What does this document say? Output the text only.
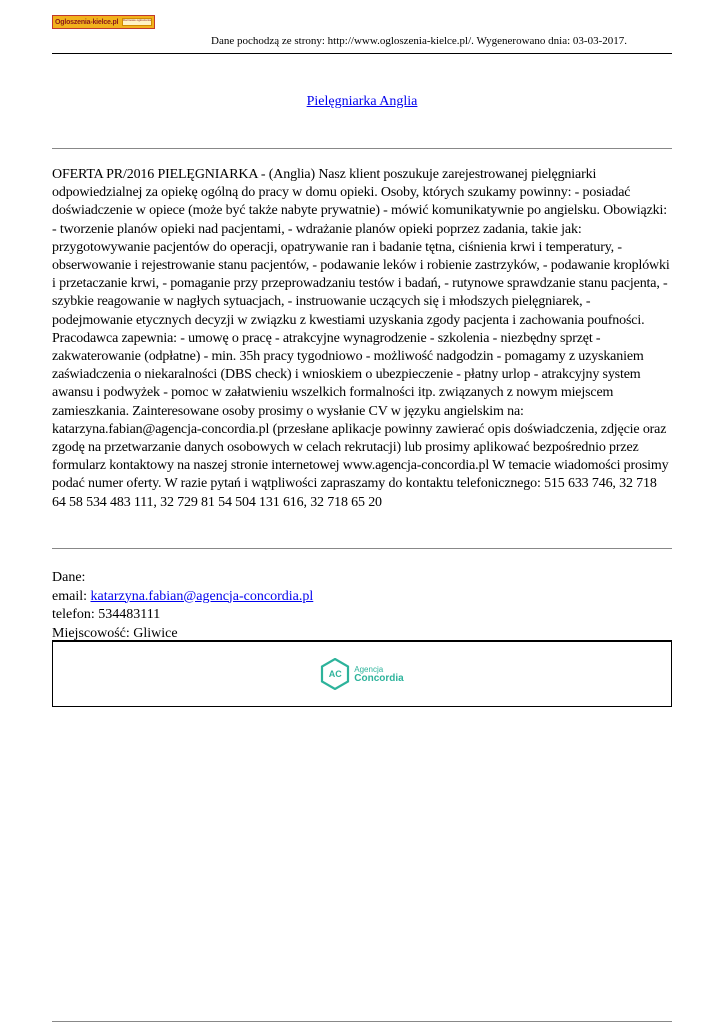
Ogloszenia-kielce.pl	Darmowe ogłoszenia
Dane pochodzą ze strony: http://www.ogloszenia-kielce.pl/. Wygenerowano dnia: 03-03-2017.
Pielęgniarka Anglia

OFERTA PR/2016 PIELĘGNIARKA - (Anglia) Nasz klient poszukuje zarejestrowanej pielęgniarki odpowiedzialnej za opiekę ogólną do pracy w domu opieki. Osoby, których szukamy powinny: - posiadać doświadczenie w opiece (może być także nabyte prywatnie) - mówić komunikatywnie po angielsku. Obowiązki: - tworzenie planów opieki nad pacjentami, - wdrażanie planów opieki poprzez zadania, takie jak: przygotowywanie pacjentów do operacji, opatrywanie ran i badanie tętna, ciśnienia krwi i temperatury, - obserwowanie i rejestrowanie stanu pacjentów, - podawanie leków i robienie zastrzyków, - podawanie kroplówki i przetaczanie krwi, - pomaganie przy przeprowadzaniu testów i badań, - rutynowe sprawdzanie stanu pacjenta, - szybkie reagowanie w nagłych sytuacjach, - instruowanie uczących się i młodszych pielęgniarek, - podejmowanie etycznych decyzji w związku z kwestiami uzyskania zgody pacjenta i zachowania poufności. Pracodawca zapewnia: - umowę o pracę - atrakcyjne wynagrodzenie - szkolenia - niezbędny sprzęt - zakwaterowanie (odpłatne) - min. 35h pracy tygodniowo - możliwość nadgodzin - pomagamy z uzyskaniem zaświadczenia o niekaralności (DBS check) i wnioskiem o ubezpieczenie - płatny urlop - atrakcyjny system awansu i podwyżek - pomoc w załatwieniu wszelkich formalności itp. związanych z nowym miejscem zamieszkania. Zainteresowane osoby prosimy o wysłanie CV w języku angielskim na: katarzyna.fabian@agencja-concordia.pl (przesłane aplikacje powinny zawierać opis doświadczenia, zdjęcie oraz zgodę na przetwarzanie danych osobowych w celach rekrutacji) lub prosimy aplikować bezpośrednio przez formularz kontaktowy na naszej stronie internetowej www.agencja-concordia.pl W temacie wiadomości prosimy podać numer oferty. W razie pytań i wątpliwości zapraszamy do kontaktu telefonicznego: 515 633 746, 32 718 64 58 534 483 111, 32 729 81 54 504 131 616, 32 718 65 20

Dane:
email: katarzyna.fabian@agencja-concordia.pl
telefon: 534483111
Miejscowość: Gliwice
AC	Agencja
Concordia
